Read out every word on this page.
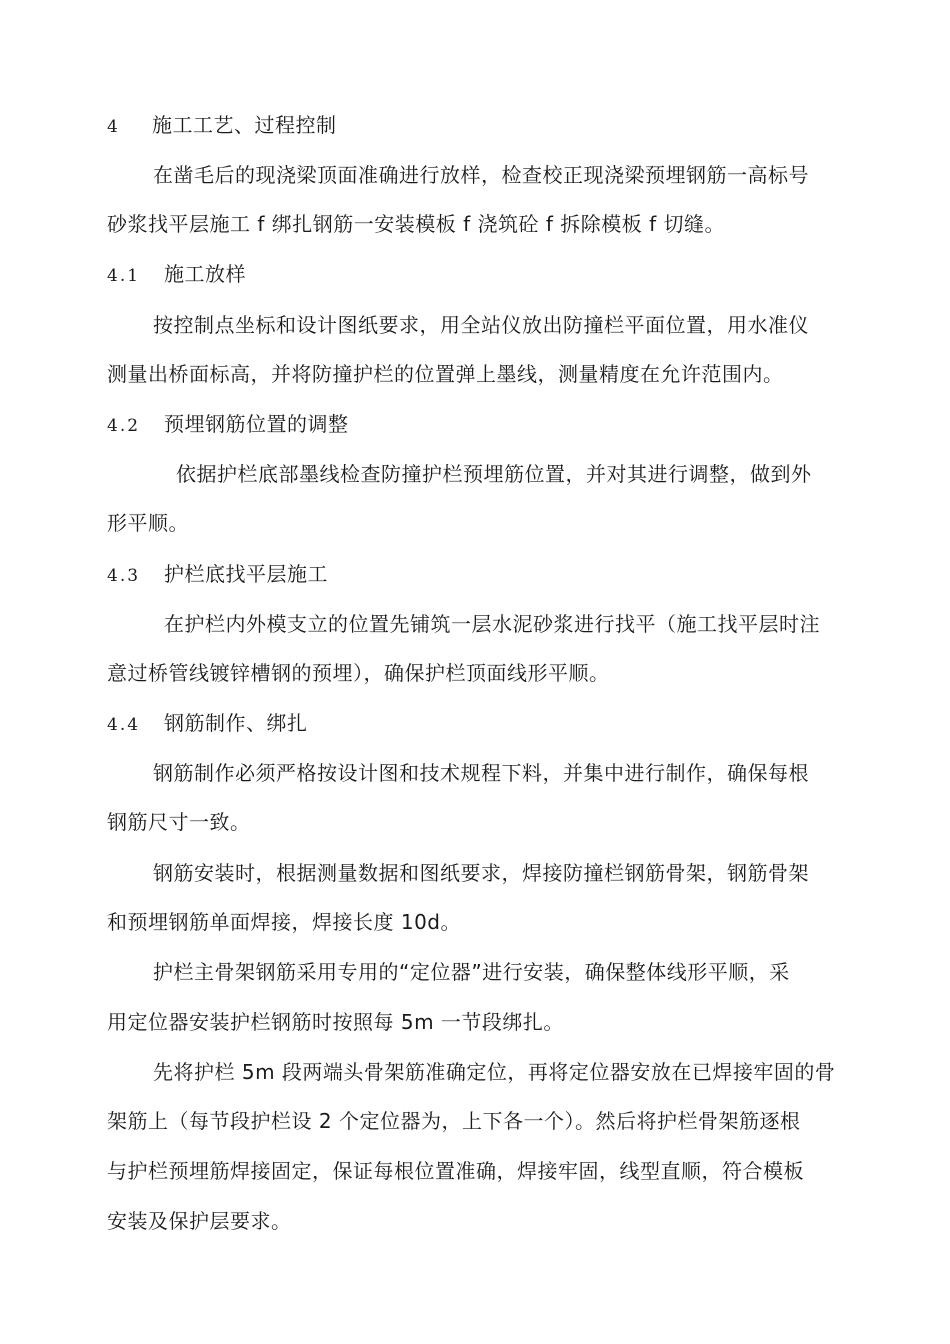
4 施工工艺、过程控制
在凿毛后的现浇梁顶面准确进行放样，检查校正现浇梁预埋钢筋一高标号
砂浆找平层施工 f 绑扎钢筋一安装模板 f 浇筑砼 f 拆除模板 f 切缝。
4.1 施工放样
按控制点坐标和设计图纸要求，用全站仪放出防撞栏平面位置，用水准仪
测量出桥面标高，并将防撞护栏的位置弹上墨线，测量精度在允许范围内。
4.2 预埋钢筋位置的调整
依据护栏底部墨线检查防撞护栏预埋筋位置，并对其进行调整，做到外
形平顺。
4.3 护栏底找平层施工
在护栏内外模支立的位置先铺筑一层水泥砂浆进行找平（施工找平层时注
意过桥管线镀锌槽钢的预埋），确保护栏顶面线形平顺。
4.4 钢筋制作、绑扎
钢筋制作必须严格按设计图和技术规程下料，并集中进行制作，确保每根
钢筋尺寸一致。
钢筋安装时，根据测量数据和图纸要求，焊接防撞栏钢筋骨架，钢筋骨架
和预埋钢筋单面焊接，焊接长度 10d。
护栏主骨架钢筋采用专用的“定位器”进行安装，确保整体线形平顺，采
用定位器安装护栏钢筋时按照每 5m 一节段绑扎。
先将护栏 5m 段两端头骨架筋准确定位，再将定位器安放在已焊接牢固的骨
架筋上（每节段护栏设 2 个定位器为，上下各一个）。然后将护栏骨架筋逐根
与护栏预埋筋焊接固定，保证每根位置准确，焊接牢固，线型直顺，符合模板
安装及保护层要求。
